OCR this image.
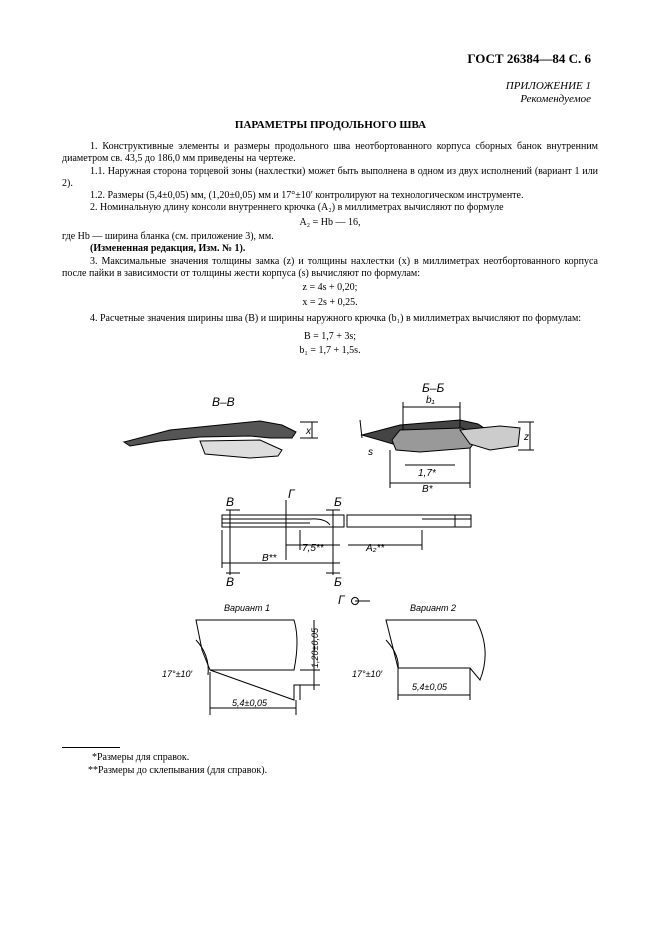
ГОСТ 26384—84 С. 6
ПРИЛОЖЕНИЕ 1
Рекомендуемое
ПАРАМЕТРЫ ПРОДОЛЬНОГО ШВА

1. Конструктивные элементы и размеры продольного шва неотбортованного корпуса сборных банок внутренним диаметром св. 43,5 до 186,0 мм приведены на чертеже.

1.1. Наружная сторона торцевой зоны (нахлестки) может быть выполнена в одном из двух исполнений (вариант 1 или 2).

1.2. Размеры (5,4±0,05) мм, (1,20±0,05) мм и 17°±10′ контролируют на технологическом инструменте.

2. Номинальную длину консоли внутреннего крючка (A₂) в миллиметрах вычисляют по формуле

A₂ = Hb — 16,

где Hb — ширина бланка (см. приложение 3), мм.

(Измененная редакция, Изм. № 1).

3. Максимальные значения толщины замка (z) и толщины нахлестки (x) в миллиметрах неотбортованного корпуса после пайки в зависимости от толщины жести корпуса (s) вычисляют по формулам:

z = 4s + 0,20;

x = 2s + 0,25.

4. Расчетные значения ширины шва (B) и ширины наружного крючка (b₁) в миллиметрах вычисляют по формулам:

B = 1,7 + 3s;

b₁ = 1,7 + 1,5s.

В–В
Б–Б
x
z
b₁
s
1,7*
B*
В
Г
Б
7,5**	A₂**
B**
В	Б
Г
Вариант 1	Вариант 2
17°±10′	17°±10′
5,4±0,05
5,4±0,05
1,20±0,05
*Размеры для справок.
**Размеры до склепывания (для справок).
